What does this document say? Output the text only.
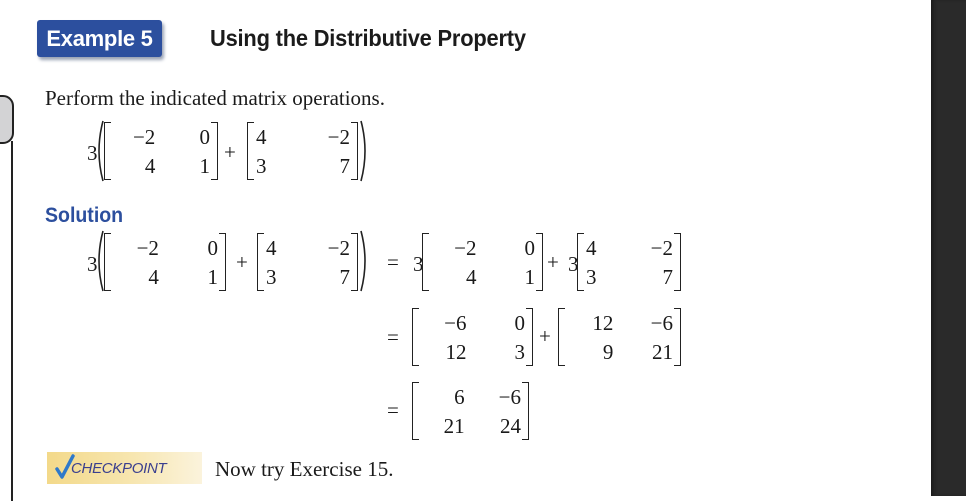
Example 5	Using the Distributive Property
Perform the indicated matrix operations.
3
−2 0
4 1
+
4	−2
3	7
Solution
3
−2 0
4 1
+
4 −2
3	7
= 3
−2 0
4 1
+ 3
4	−2
3	7
=
−6 0
12 3
+
12 −6
9 21
=
6 −6
21 24
CHECKPOINT Now try Exercise 15.
